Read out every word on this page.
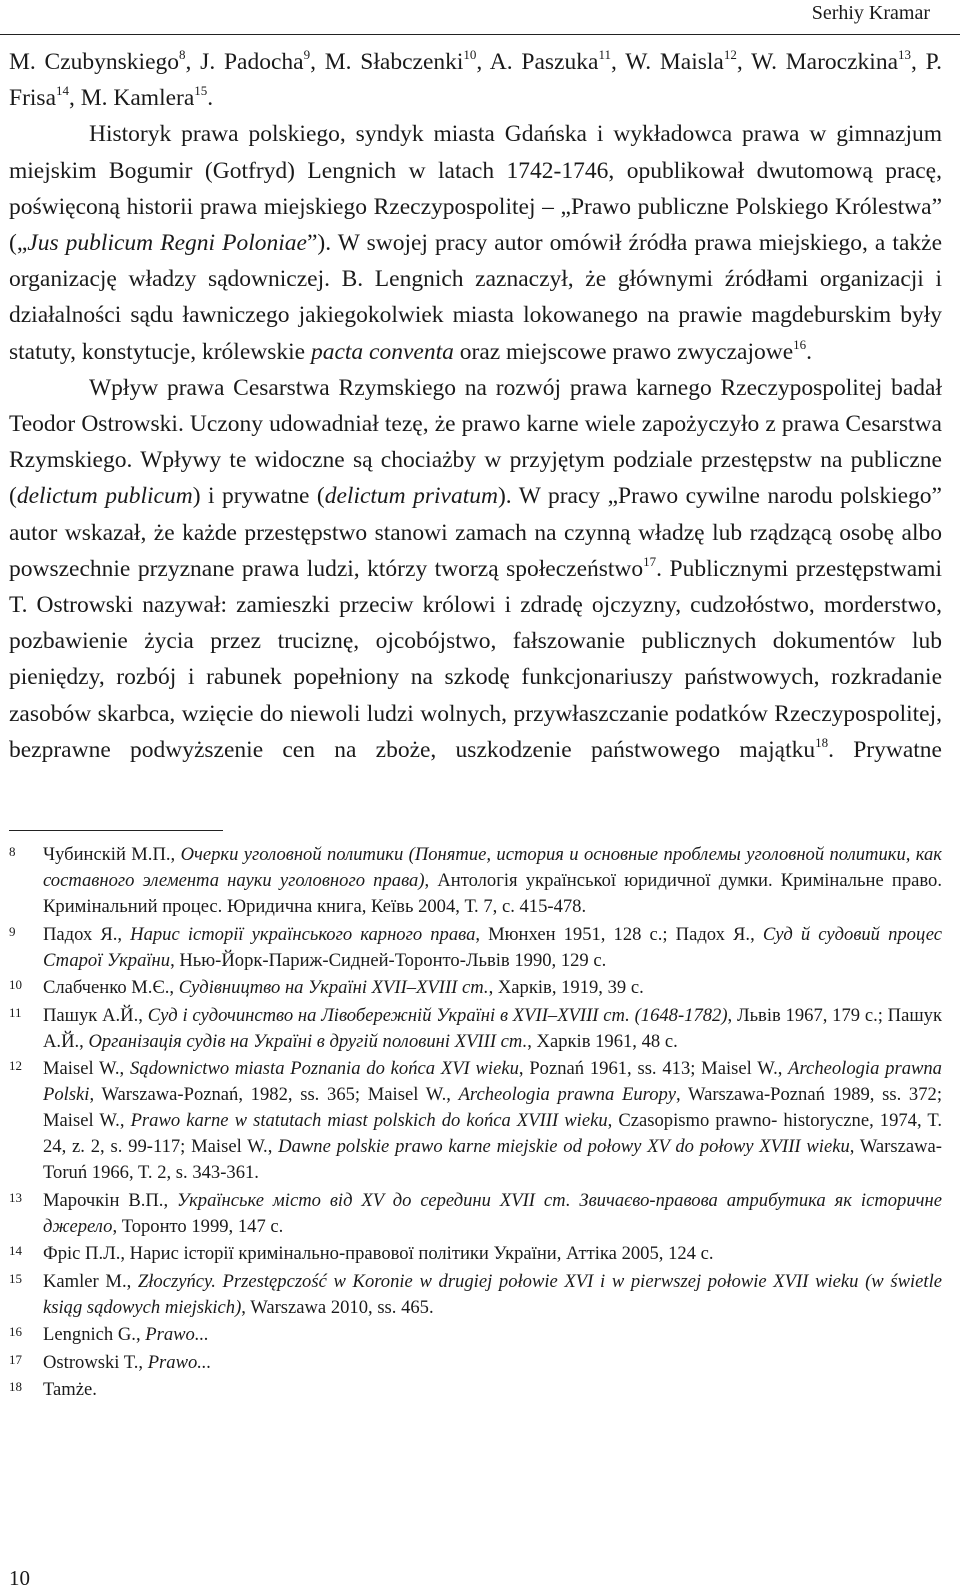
Serhiy Kramar

M. Czubynskiego$^8$, J. Padocha$^9$, M. Słabczenki$^{10}$, A. Paszuka$^{11}$, W. Maisla$^{12}$, W. Maroczkina$^{13}$, P. Frisa$^{14}$, M. Kamlera$^{15}$.

Historyk prawa polskiego, syndyk miasta Gdańska i wykładowca prawa w gimnazjum miejskim Bogumir (Gotfryd) Lengnich w latach 1742-1746, opublikował dwutomową pracę, poświęconą historii prawa miejskiego Rzeczypospolitej – „Prawo publiczne Polskiego Królestwa” („Jus publicum Regni Poloniae”). W swojej pracy autor omówił źródła prawa miejskiego, a także organizację władzy sądowniczej. B. Lengnich zaznaczył, że głównymi źródłami organizacji i działalności sądu ławniczego jakiegokolwiek miasta lokowanego na prawie magdeburskim były statuty, konstytucje, królewskie pacta conventa oraz miejscowe prawo zwyczajowe$^{16}$.

Wpływ prawa Cesarstwa Rzymskiego na rozwój prawa karnego Rzeczypospolitej badał Teodor Ostrowski. Uczony udowadniał tezę, że prawo karne wiele zapożyczyło z prawa Cesarstwa Rzymskiego. Wpływy te widoczne są chociażby w przyjętym podziale przestępstw na publiczne (delictum publicum) i prywatne (delictum privatum). W pracy „Prawo cywilne narodu polskiego” autor wskazał, że każde przestępstwo stanowi zamach na czynną władzę lub rządzącą osobę albo powszechnie przyznane prawa ludzi, którzy tworzą społeczeństwo$^{17}$. Publicznymi przestępstwami T. Ostrowski nazywał: zamieszki przeciw królowi i zdradę ojczyzny, cudzołóstwo, morderstwo, pozbawienie życia przez truciznę, ojcobójstwo, fałszowanie publicznych dokumentów lub pieniędzy, rozbój i rabunek popełniony na szkodę funkcjonariuszy państwowych, rozkradanie zasobów skarbca, wzięcie do niewoli ludzi wolnych, przywłaszczanie podatków Rzeczypospolitej, bezprawne podwyższenie cen na zboże, uszkodzenie państwowego majątku$^{18}$. Prywatne

8 Чубинскій М.П., Очерки уголовной политики (Понятие, история и основные проблемы уголовной политики, как составного элемента науки уголовного права), Антологія української юридичної думки. Кримінальне право. Кримінальний процес. Юридична книга, Кеївь 2004, Т. 7, с. 415-478.

9 Падох Я., Нарис історії українського карного права, Мюнхен 1951, 128 с.; Падох Я., Суд й судовий процес Старої України, Нью-Йорк-Париж-Сидней-Торонто-Львів 1990, 129 с.

10 Слабченко М.Є., Судівництво на Україні XVII–XVIII ст., Харків, 1919, 39 с.

11 Пашук А.Й., Суд і судочинство на Лівобережній Україні в XVII–XVIII ст. (1648-1782), Львів 1967, 179 с.; Пашук А.Й., Організація судів на Україні в другій половині XVIII ст., Харків 1961, 48 с.

12 Maisel W., Sądownictwo miasta Poznania do końca XVI wieku, Poznań 1961, ss. 413; Maisel W., Archeologia prawna Polski, Warszawa-Poznań, 1982, ss. 365; Maisel W., Archeologia prawna Europy, Warszawa-Poznań 1989, ss. 372; Maisel W., Prawo karne w statutach miast polskich do końca XVIII wieku, Czasopismo prawno- historyczne, 1974, T. 24, z. 2, s. 99-117; Maisel W., Dawne polskie prawo karne miejskie od połowy XV do połowy XVIII wieku, Warszawa-Toruń 1966, T. 2, s. 343-361.

13 Марочкін В.П., Українське місто від XV до середини XVII ст. Звичаєво-правова атрибутика як історичне джерело, Торонто 1999, 147 с.

14 Фріс П.Л., Нарис історії кримінально-правової політики України, Аттіка 2005, 124 с.

15 Kamler M., Złoczyńcy. Przestępczość w Koronie w drugiej połowie XVI i w pierwszej połowie XVII wieku (w świetle ksiąg sądowych miejskich), Warszawa 2010, ss. 465.

16 Lengnich G., Prawo...

17 Ostrowski T., Prawo...

18 Tamże.

10
